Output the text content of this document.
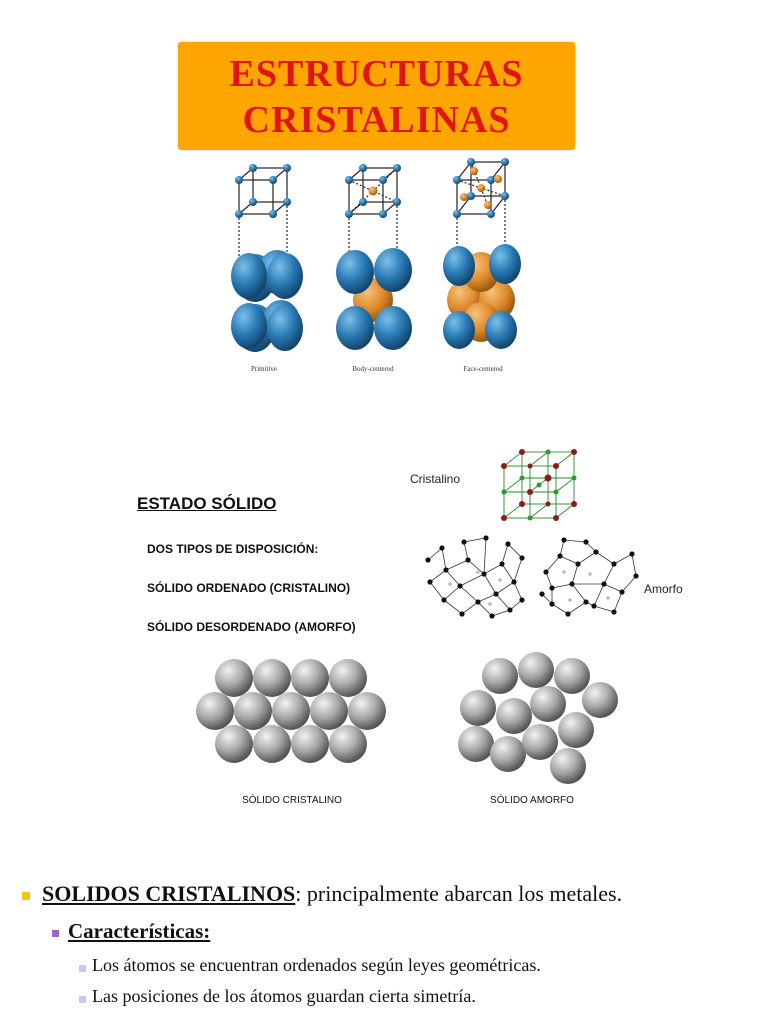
ESTRUCTURAS
CRISTALINAS
Primitive	Body-centered	Face-centered
ESTADO SÓLIDO
DOS TIPOS DE DISPOSICIÓN:
SÓLIDO ORDENADO (CRISTALINO)
SÓLIDO DESORDENADO (AMORFO)
Cristalino
Amorfo
SÓLIDO CRISTALINO	SÓLIDO AMORFO
SOLIDOS CRISTALINOS: principalmente abarcan los metales.
Características:
Los átomos se encuentran ordenados según leyes geométricas.
Las posiciones de los átomos guardan cierta simetría.
